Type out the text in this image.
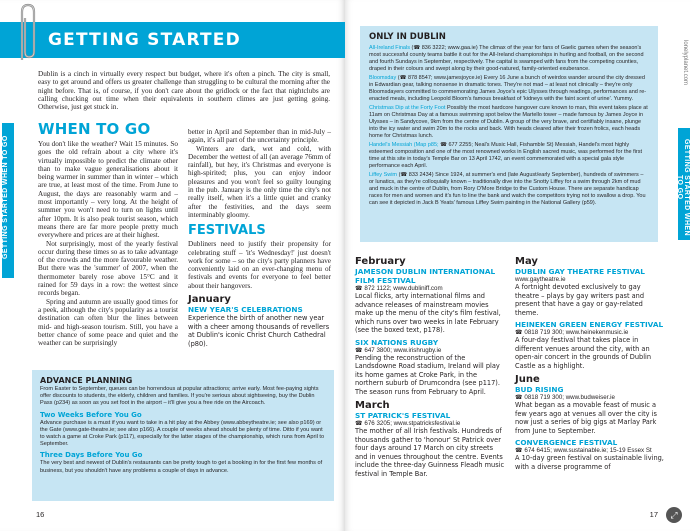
GETTING STARTED
GETTING STARTED WHEN TO GO

Dublin is a cinch in virtually every respect but budget, where it's often a pinch. The city is small, easy to get around and offers us greater challenge than struggling to be cultural the morning after the night before. That is, of course, if you don't care about the gridlock or the fact that nightclubs are calling chucking out time when their equivalents in southern climes are just getting going. Otherwise, just get stuck in.

WHEN TO GO

You don't like the weather? Wait 15 minutes. So goes the old refrain about a city where it's virtually impossible to predict the climate other than to make vague generalisations about it being warmer in summer than in winter – which are true, at least most of the time. From June to August, the days are reasonably warm and – most importantly – very long. At the height of summer you won't need to turn on lights until after 10pm. It is also peak tourist season, which means there are far more people pretty much everywhere and prices are at their highest.

Not surprisingly, most of the yearly festival occur during these times so as to take advantage of the crowds and the more favourable weather. But there was the 'summer' of 2007, when the thermometer barely rose above 15°C and it rained for 59 days in a row: the wettest since records began.

Spring and autumn are usually good times for a peek, although the city's popularity as a tourist destination can often blur the lines between mid- and high-season tourism. Still, you have a better chance of some peace and quiet and the weather can be surprisingly

better in April and September than in mid-July – again, it's all part of the uncertainty principle.

Winters are dark, wet and cold, with December the wettest of all (an average 76mm of rainfall), but hey, it's Christmas and everyone is high-spirited; plus, you can enjoy indoor pleasures and you won't feel so guilty lounging in the pub. January is the only time the city's not really itself, when it's a little quiet and cranky after the festivities, and the days seem interminably gloomy.

FESTIVALS

Dubliners need to justify their propensity for celebrating stuff – 'it's Wednesday!' just doesn't work for some – so the city's party planners have conveniently laid on an ever-changing menu of festivals and events for everyone to feel better about their hangovers.

January
NEW YEAR'S CELEBRATIONS

Experience the birth of another new year with a cheer among thousands of revellers at Dublin's iconic Christ Church Cathedral (p80).

ADVANCE PLANNING

From Easter to September, queues can be horrendous at popular attractions; arrive early. Most fee-paying sights offer discounts to students, the elderly, children and families. If you're serious about sightseeing, buy the Dublin Pass (p234) as soon as you set foot in the airport – it'll give you a free ride on the Aircoach.

Two Weeks Before You Go

Advance purchase is a must if you want to take in a hit play at the Abbey (www.abbeytheatre.ie; see also p169) or the Gate (www.gate-theatre.ie; see also p166). A couple of weeks ahead should be plenty of time. Ditto if you want to watch a game at Croke Park (p117), especially for the latter stages of the championship, which runs from April to September.

Three Days Before You Go

The very best and newest of Dublin's restaurants can be pretty tough to get a booking in for the first few months of business, but you shouldn't have any problems a couple of days in advance.

16
lonelyplanet.com
GETTING STARTED WHEN TO GO
ONLY IN DUBLIN
All-Ireland Finals (☎ 836 3222; www.gaa.ie) The climax of the year for fans of Gaelic games when the season's most successful county teams battle it out for the All-Ireland championships in hurling and football, on the second and fourth Sundays in September, respectively. The capital is swamped with fans from the competing counties, draped in their colours and swept along by their good-natured, family-oriented exuberance.
Bloomsday (☎ 878 8547; www.jamesjoyce.ie) Every 16 June a bunch of weirdos wander around the city dressed in Edwardian gear, talking nonsense in dramatic tones. They're not mad – at least not clinically – they're only Bloomsdayers committed to commemorating James Joyce's epic Ulysses through readings, performances and re-enacted meals, including Leopold Bloom's famous breakfast of 'kidneys with the faint scent of urine'. Yummy.
Christmas Dip at the Forty Foot Possibly the most hardcore hangover cure known to man, this event takes place at 11am on Christmas Day at a famous swimming spot below the Martello tower – made famous by James Joyce in Ulysses – in Sandycove, 9km from the centre of Dublin. A group of the very brave, and certifiably insane, plunge into the icy water and swim 20m to the rocks and back. With heads cleared after their frozen frolics, each heads home for Christmas lunch.
Handel's Messiah (Map p85; ☎ 677 2255; Neal's Music Hall, Fishamble St) Messiah, Handel's most highly esteemed composition and one of the most renowned works in English sacred music, was performed for the first time at this site in today's Temple Bar on 13 April 1742, an event commemorated with a special gala style performance each April.
Liffey Swim (☎ 833 2434) Since 1924, at summer's end (late August/early September), hundreds of swimmers – or lunatics, as they're colloquially known – traditionally dive into the Snotty Liffey for a swim through 2km of mud and muck in the centre of Dublin, from Rory O'More Bridge to the Custom House. There are separate handicap races for men and women and it's fun to line the bank and watch the competitors trying not to swallow a drop. You can see it depicted in Jack B Yeats' famous Liffey Swim painting in the National Gallery (p59).
February
JAMESON DUBLIN INTERNATIONAL FILM FESTIVAL
☎ 872 1122; www.dubliniff.com

Local flicks, arty international films and advance releases of mainstream movies make up the menu of the city's film festival, which runs over two weeks in late February (see the boxed text, p178).

SIX NATIONS RUGBY
☎ 647 3800; www.irishrugby.ie

Pending the reconstruction of the Landsdowne Road stadium, Ireland will play its home games at Croke Park, in the northern suburb of Drumcondra (see p117). The season runs from February to April.

March
ST PATRICK'S FESTIVAL
☎ 676 3205; www.stpatricksfestival.ie

The mother of all Irish festivals. Hundreds of thousands gather to 'honour' St Patrick over four days around 17 March on city streets and in venues throughout the centre. Events include the three-day Guinness Fleadh music festival in Temple Bar.

May
DUBLIN GAY THEATRE FESTIVAL
www.gaytheatre.ie

A fortnight devoted exclusively to gay theatre – plays by gay writers past and present that have a gay or gay-related theme.

HEINEKEN GREEN ENERGY FESTIVAL
☎ 0818 719 300; www.heinekenmusic.ie

A four-day festival that takes place in different venues around the city, with an open-air concert in the grounds of Dublin Castle as a highlight.

June
BUD RISING
☎ 0818 719 300; www.budweiser.ie

What began as a movable feast of music a few years ago at venues all over the city is now just a series of big gigs at Marlay Park from June to September.

CONVERGENCE FESTIVAL
☎ 674 6415; www.sustainable.ie; 15-19 Essex St

A 10-day green festival on sustainable living, with a diverse programme of

17	⤢
